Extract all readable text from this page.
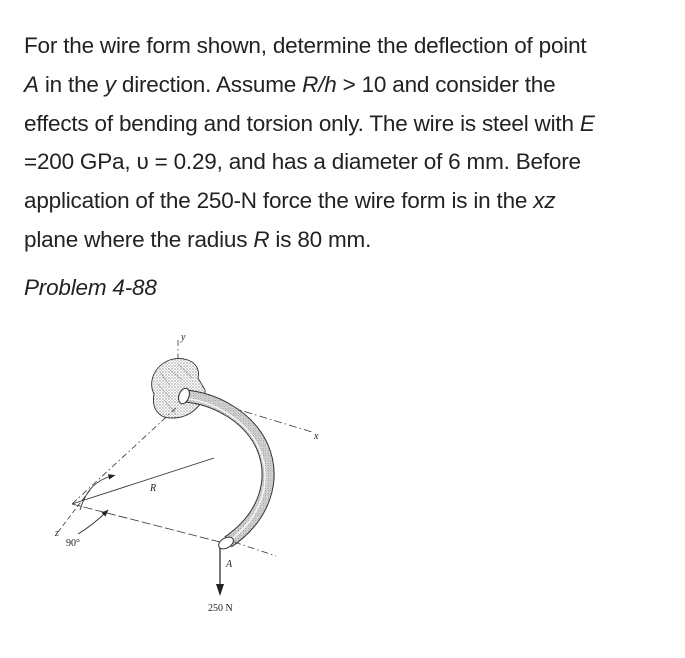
For the wire form shown, determine the deflection of point
A in the y direction. Assume R/h > 10 and consider the
effects of bending and torsion only. The wire is steel with E
=200 GPa, υ = 0.29, and has a diameter of 6 mm. Before
application of the 250-N force the wire form is in the xz
plane where the radius R is 80 mm.

Problem 4-88
x
y
R
z
90°
A
250 N
